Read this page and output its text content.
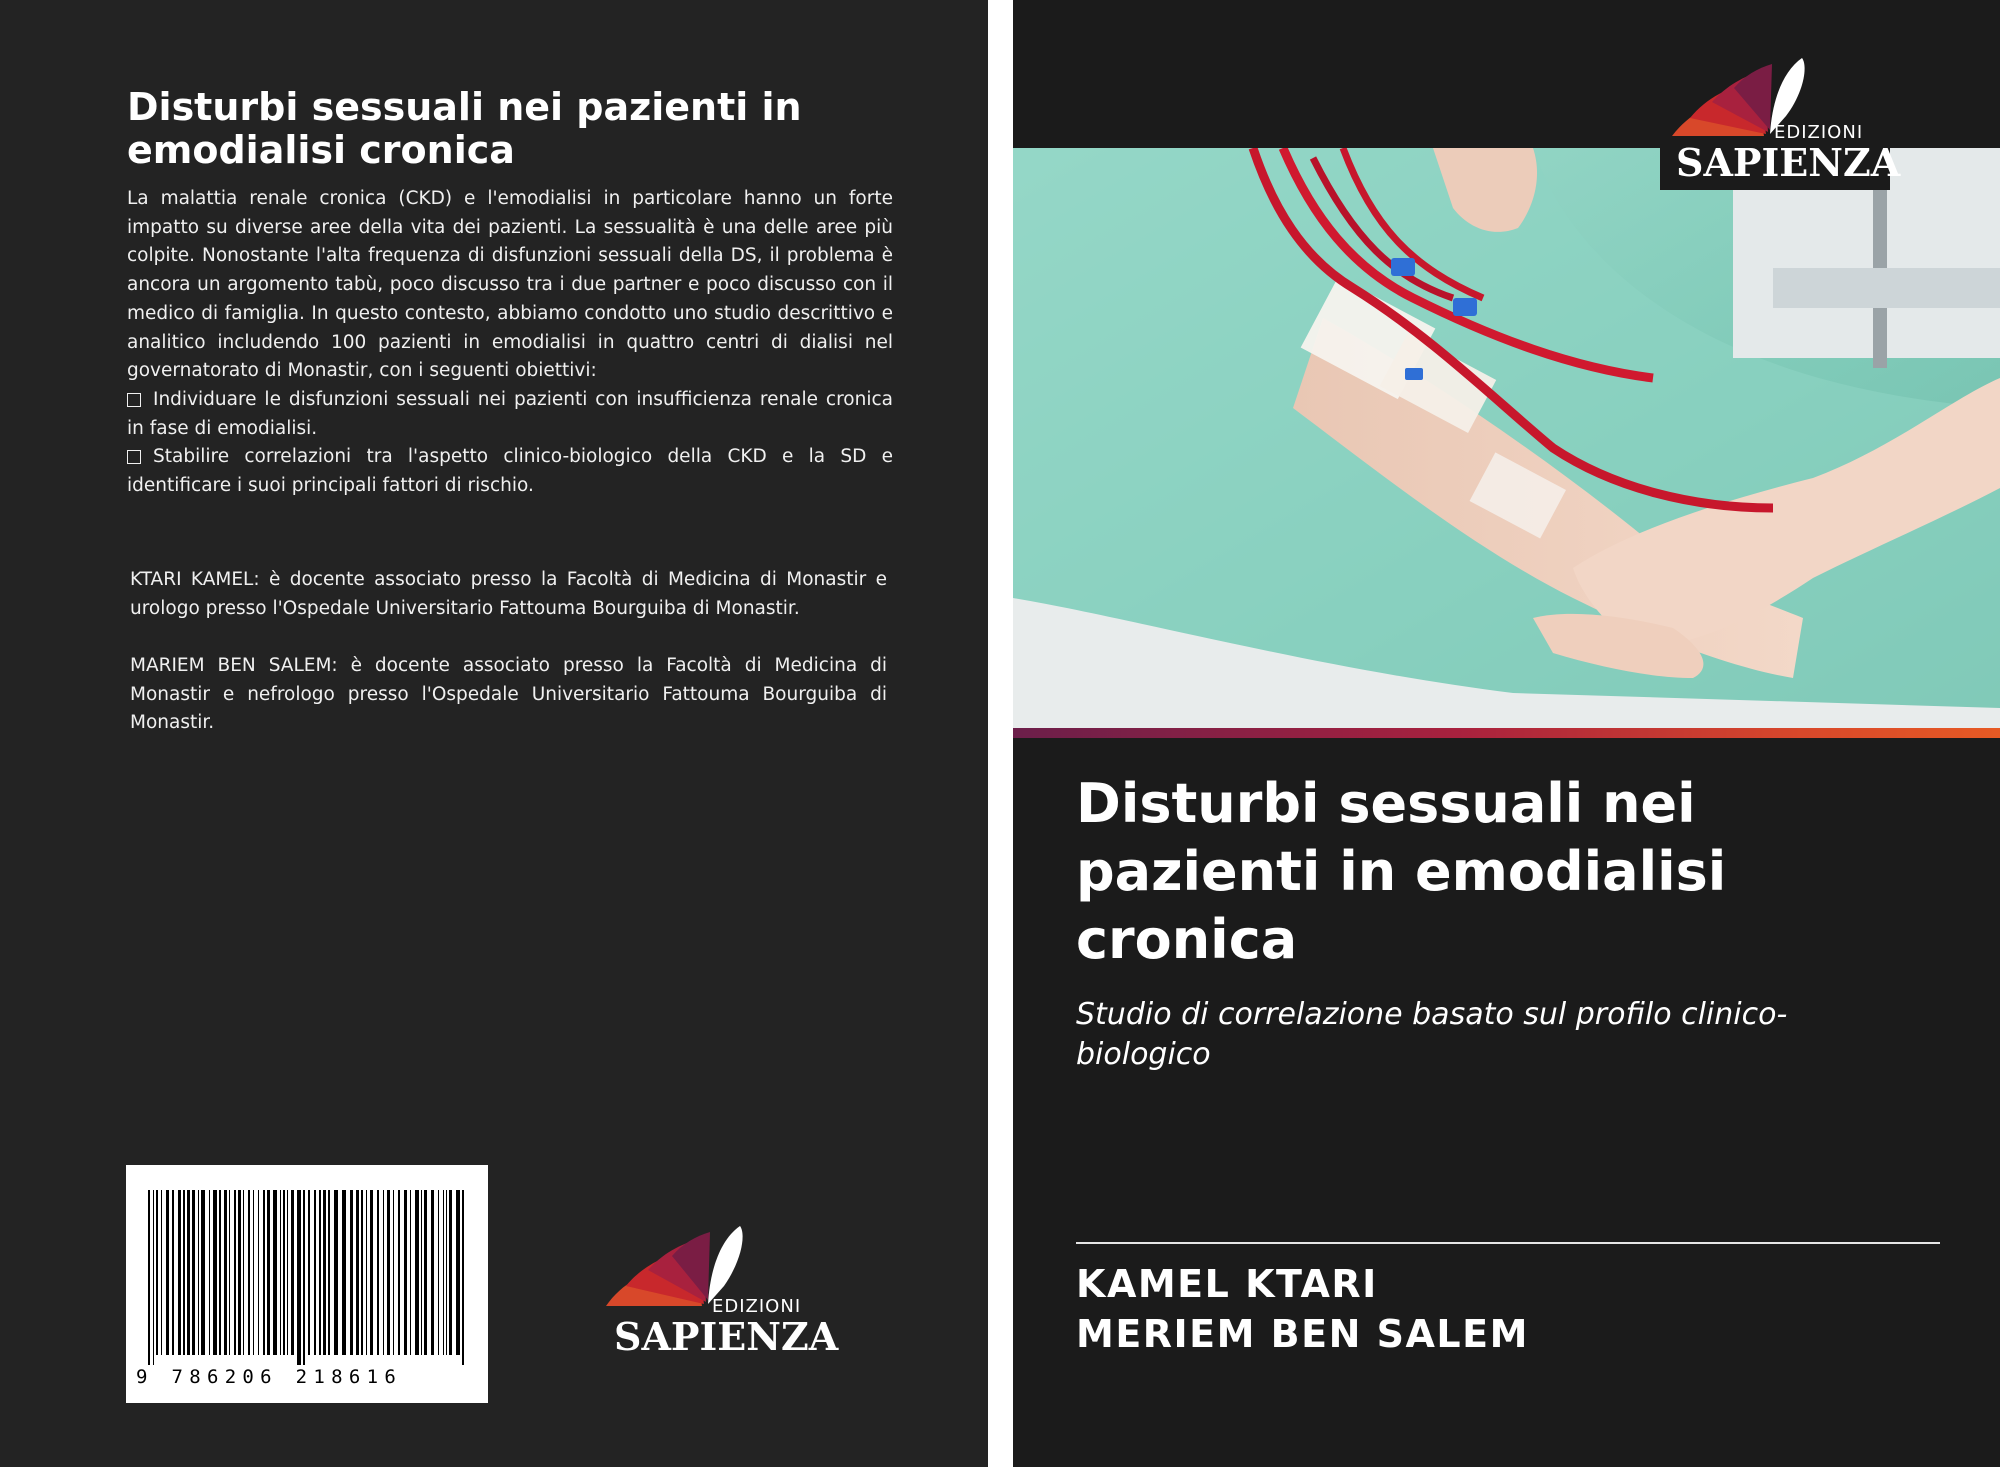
Disturbi sessuali nei pazienti in emodialisi cronica

La malattia renale cronica (CKD) e l'emodialisi in particolare hanno un forte impatto su diverse aree della vita dei pazienti. La sessualità è una delle aree più colpite. Nonostante l'alta frequenza di disfunzioni sessuali della DS, il problema è ancora un argomento tabù, poco discusso tra i due partner e poco discusso con il medico di famiglia. In questo contesto, abbiamo condotto uno studio descrittivo e analitico includendo 100 pazienti in emodialisi in quattro centri di dialisi nel governatorato di Monastir, con i seguenti obiettivi:

Individuare le disfunzioni sessuali nei pazienti con insufficienza renale cronica in fase di emodialisi.

Stabilire correlazioni tra l'aspetto clinico-biologico della CKD e la SD e identificare i suoi principali fattori di rischio.

KTARI KAMEL: è docente associato presso la Facoltà di Medicina di Monastir e urologo presso l'Ospedale Universitario Fattouma Bourguiba di Monastir.

MARIEM BEN SALEM: è docente associato presso la Facoltà di Medicina di Monastir e nefrologo presso l'Ospedale Universitario Fattouma Bourguiba di Monastir.

9 786206 218616
EDIZIONI
SAPIENZA
EDIZIONI
SAPIENZA
Disturbi sessuali nei pazienti in emodialisi cronica

Studio di correlazione basato sul profilo clinico-biologico

KAMEL KTARI

MERIEM BEN SALEM
